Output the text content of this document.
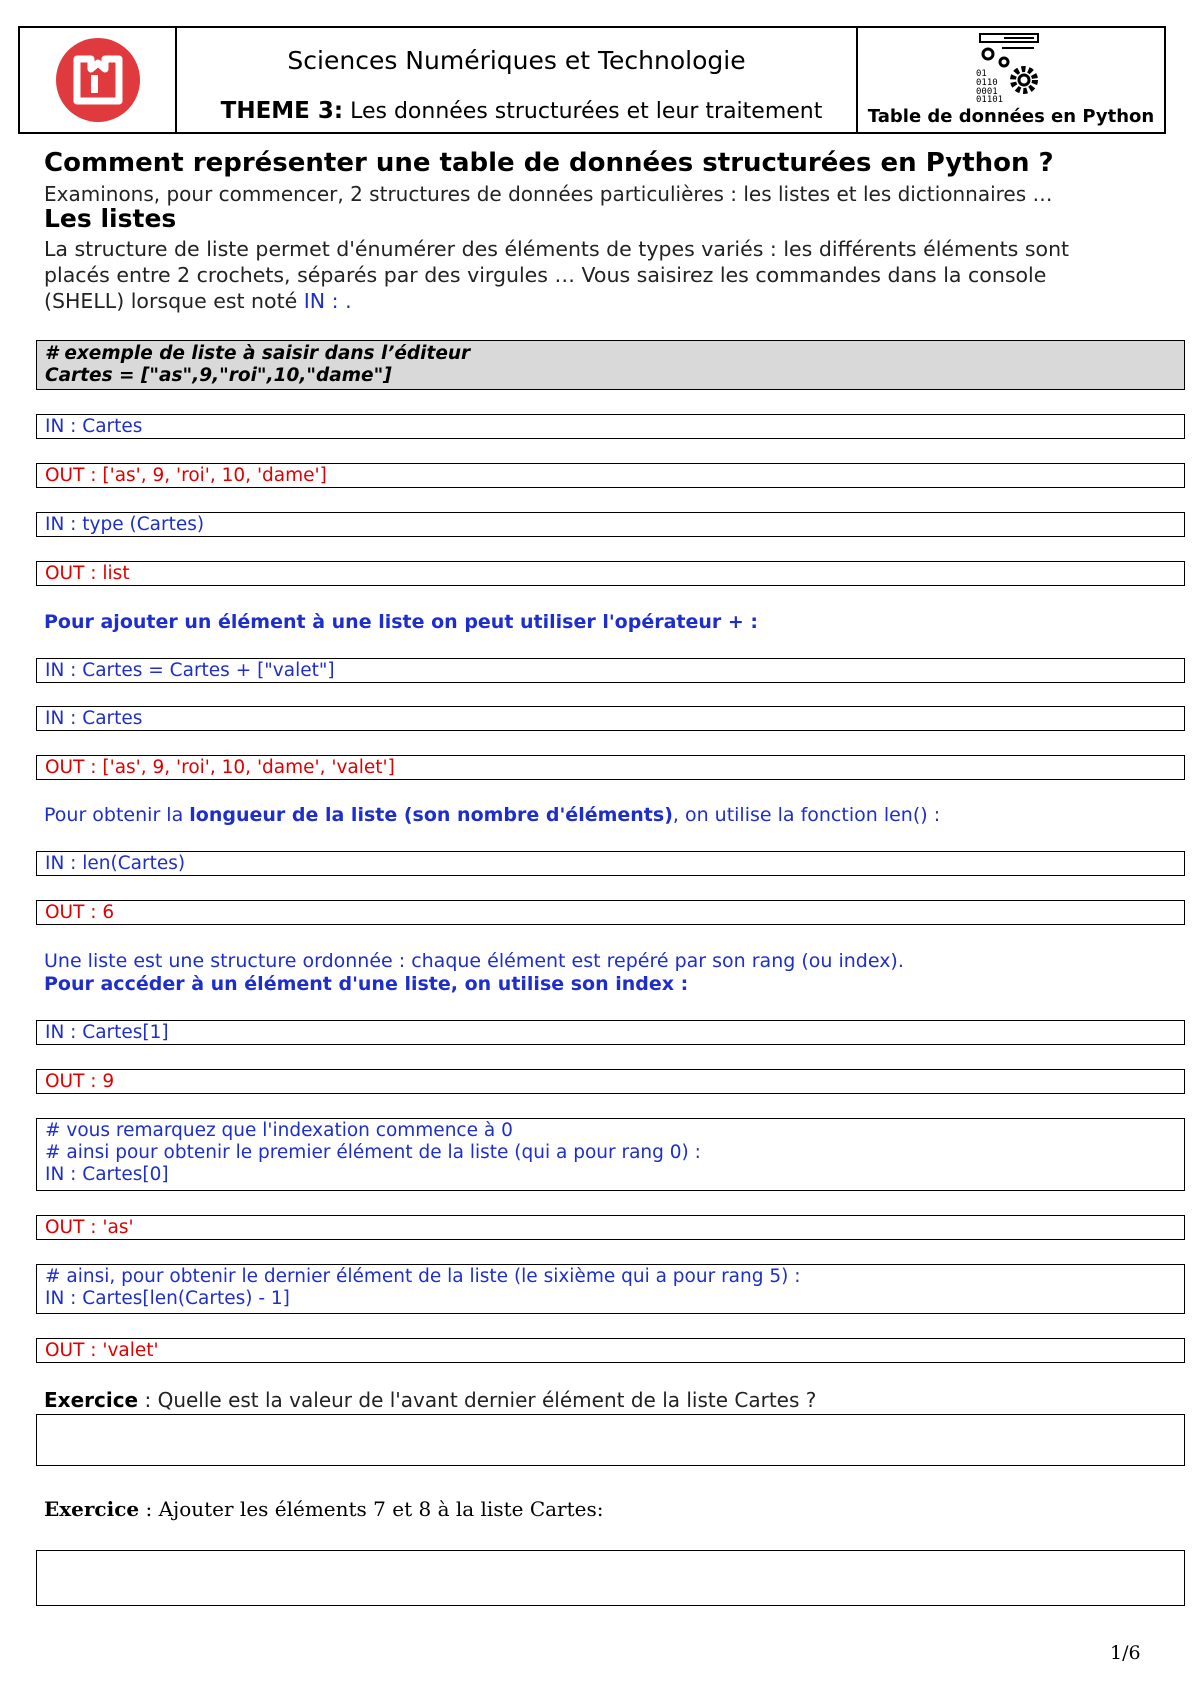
Sciences Numériques et Technologie
THEME 3: Les données structurées et leur traitement
01
0110
0001
01101
Table de données en Python
Comment représenter une table de données structurées en Python ?
Examinons, pour commencer, 2 structures de données particulières : les listes et les dictionnaires …
Les listes
La structure de liste permet d'énumérer des éléments de types variés : les différents éléments sont
placés entre 2 crochets, séparés par des virgules … Vous saisirez les commandes dans la console
(SHELL) lorsque est noté IN : .
# exemple de liste à saisir dans l’éditeur
Cartes = ["as",9,"roi",10,"dame"]
IN : Cartes
OUT : ['as', 9, 'roi', 10, 'dame']
IN : type (Cartes)
OUT : list
Pour ajouter un élément à une liste on peut utiliser l'opérateur + :
IN : Cartes = Cartes + ["valet"]
IN : Cartes
OUT : ['as', 9, 'roi', 10, 'dame', 'valet']
Pour obtenir la longueur de la liste (son nombre d'éléments), on utilise la fonction len() :
IN : len(Cartes)
OUT : 6
Une liste est une structure ordonnée : chaque élément est repéré par son rang (ou index).
Pour accéder à un élément d'une liste, on utilise son index :
IN : Cartes[1]
OUT : 9
# vous remarquez que l'indexation commence à 0
# ainsi pour obtenir le premier élément de la liste (qui a pour rang 0) :
IN : Cartes[0]
OUT : 'as'
# ainsi, pour obtenir le dernier élément de la liste (le sixième qui a pour rang 5) :
IN : Cartes[len(Cartes) - 1]
OUT : 'valet'
Exercice : Quelle est la valeur de l'avant dernier élément de la liste Cartes ?
Exercice : Ajouter les éléments 7 et 8 à la liste Cartes:
1/6
